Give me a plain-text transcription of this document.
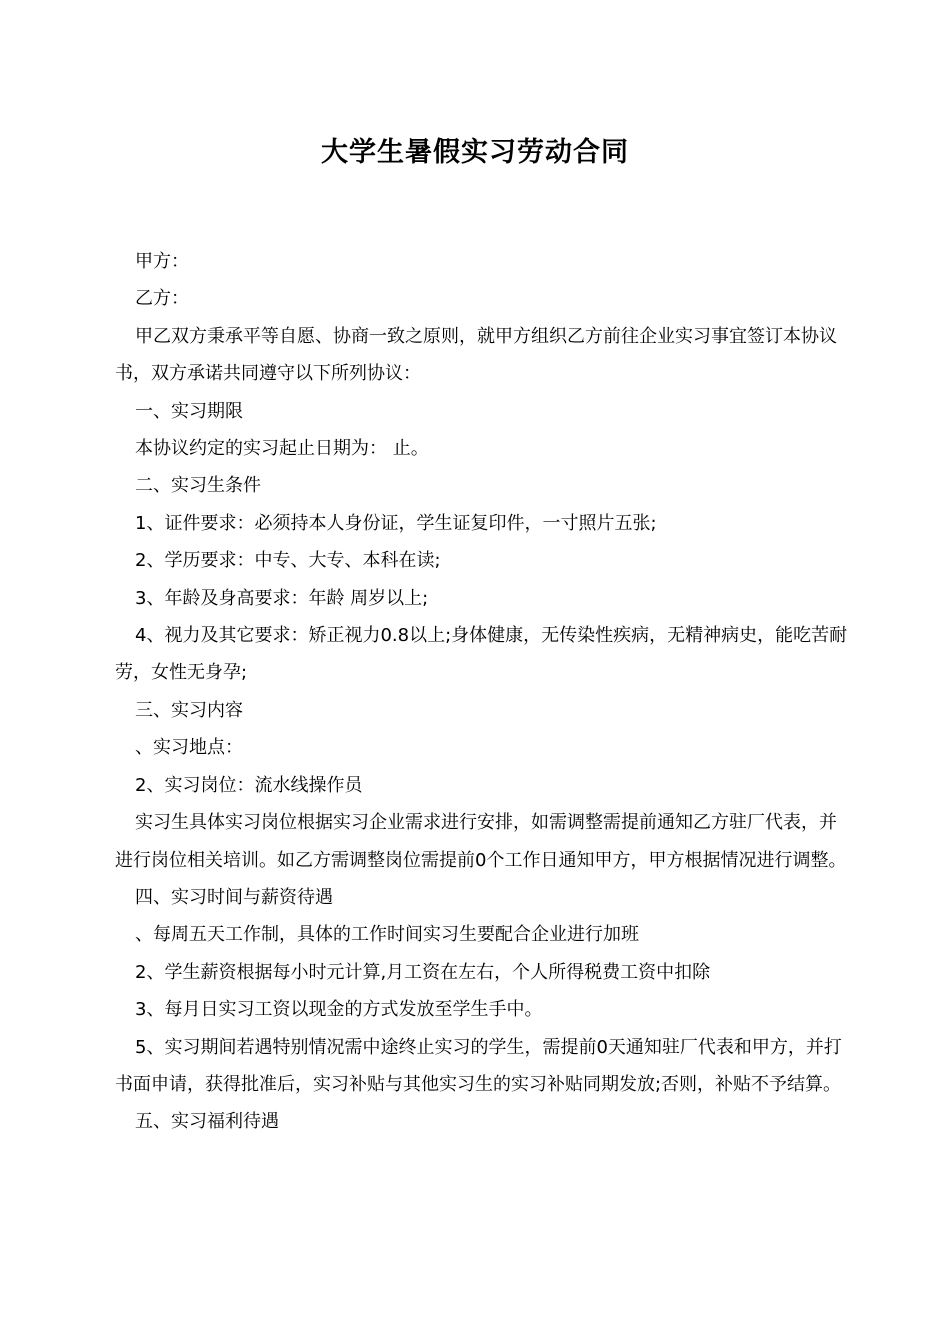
大学生暑假实习劳动合同

甲方：

乙方：

甲乙双方秉承平等自愿、协商一致之原则，就甲方组织乙方前往企业实习事宜签订本协议书，双方承诺共同遵守以下所列协议：

一、实习期限

本协议约定的实习起止日期为： 止。

二、实习生条件

1、证件要求：必须持本人身份证，学生证复印件，一寸照片五张;

2、学历要求：中专、大专、本科在读;

3、年龄及身高要求：年龄 周岁以上;

4、视力及其它要求：矫正视力0.8以上;身体健康，无传染性疾病，无精神病史，能吃苦耐劳，女性无身孕;

三、实习内容

、实习地点：

2、实习岗位：流水线操作员

实习生具体实习岗位根据实习企业需求进行安排，如需调整需提前通知乙方驻厂代表，并进行岗位相关培训。如乙方需调整岗位需提前0个工作日通知甲方，甲方根据情况进行调整。

四、实习时间与薪资待遇

、每周五天工作制，具体的工作时间实习生要配合企业进行加班

2、学生薪资根据每小时元计算,月工资在左右，个人所得税费工资中扣除

3、每月日实习工资以现金的方式发放至学生手中。

5、实习期间若遇特别情况需中途终止实习的学生，需提前0天通知驻厂代表和甲方，并打书面申请，获得批准后，实习补贴与其他实习生的实习补贴同期发放;否则，补贴不予结算。

五、实习福利待遇
